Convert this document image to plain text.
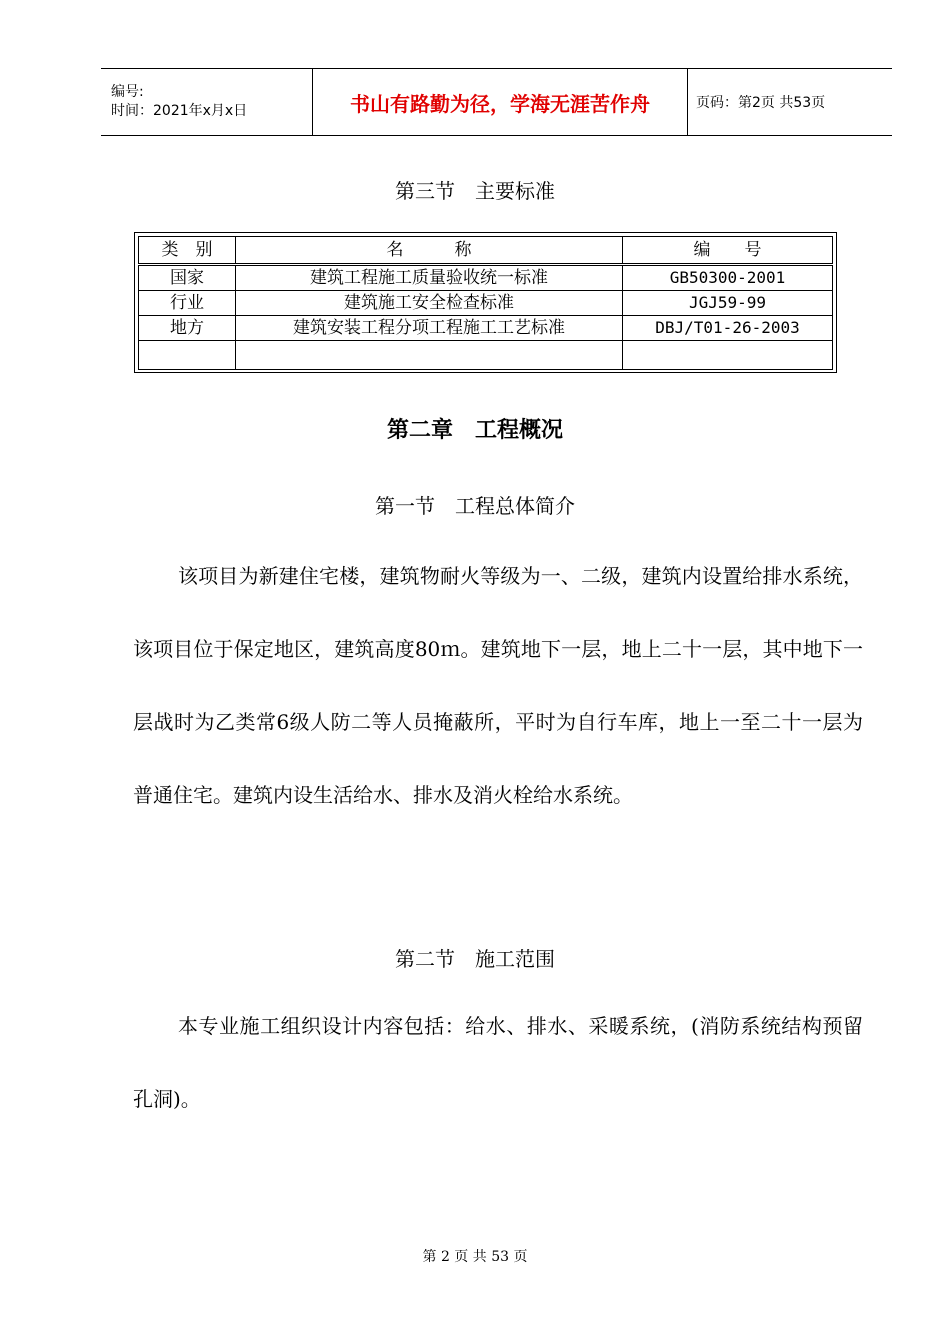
编号:
时间：2021年x月x日	书山有路勤为径，学海无涯苦作舟	页码：第2页 共53页
第三节　主要标准
类　别	名　　　称	编　　号
国家	建筑工程施工质量验收统一标准	GB50300-2001
行业	建筑施工安全检查标准	JGJ59-99
地方	建筑安装工程分项工程施工工艺标准	DBJ/T01-26-2003

第二章　工程概况
第一节　工程总体简介
该项目为新建住宅楼，建筑物耐火等级为一、二级，建筑内设置给排水系统，该项目位于保定地区，建筑高度80ｍ。建筑地下一层，地上二十一层，其中地下一层战时为乙类常6级人防二等人员掩蔽所，平时为自行车库，地上一至二十一层为普通住宅。建筑内设生活给水、排水及消火栓给水系统。
第二节　施工范围
本专业施工组织设计内容包括：给水、排水、采暖系统，(消防系统结构预留孔洞)。
第 2 页 共 53 页
